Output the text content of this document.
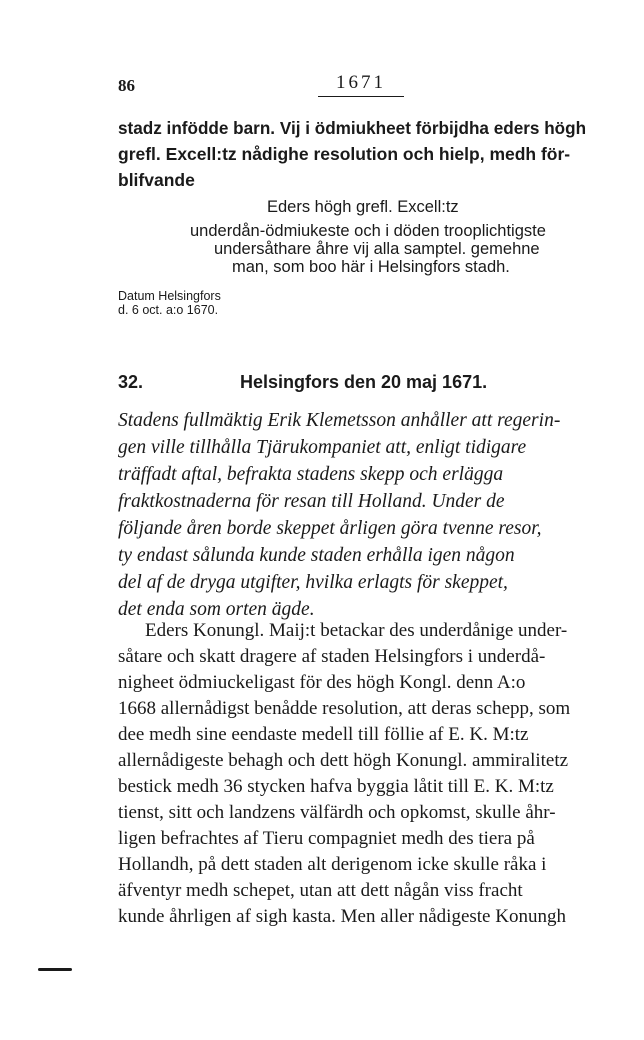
86	1671
stadz infödde barn. Vij i ödmiukheet förbijdha eders högh
grefl. Excell:tz nådighe resolution och hielp, medh för-
blifvande
Eders högh grefl. Excell:tz
underdån-ödmiukeste och i döden trooplichtigste
undersåthare åhre vij alla samptel. gemehne
man, som boo här i Helsingfors stadh.
Datum Helsingfors
d. 6 oct. a:o 1670.
32.	Helsingfors den 20 maj 1671.
Stadens fullmäktig Erik Klemetsson anhåller att regerin-
gen ville tillhålla Tjärukompaniet att, enligt tidigare
träffadt aftal, befrakta stadens skepp och erlägga
fraktkostnaderna för resan till Holland. Under de
följande åren borde skeppet årligen göra tvenne resor,
ty endast sålunda kunde staden erhålla igen någon
del af de dryga utgifter, hvilka erlagts för skeppet,
det enda som orten ägde.
Eders Konungl. Maij:t betackar des underdånige under-
såtare och skatt dragere af staden Helsingfors i underdå-
nigheet ödmiuckeligast för des högh Kongl. denn A:o
1668 allernådigst benådde resolution, att deras schepp, som
dee medh sine eendaste medell till föllie af E. K. M:tz
allernådigeste behagh och dett högh Konungl. ammiralitetz
bestick medh 36 stycken hafva byggia låtit till E. K. M:tz
tienst, sitt och landzens välfärdh och opkomst, skulle åhr-
ligen befrachtes af Tieru compagniet medh des tiera på
Hollandh, på dett staden alt derigenom icke skulle råka i
äfventyr medh schepet, utan att dett någån viss fracht
kunde åhrligen af sigh kasta. Men aller nådigeste Konungh
